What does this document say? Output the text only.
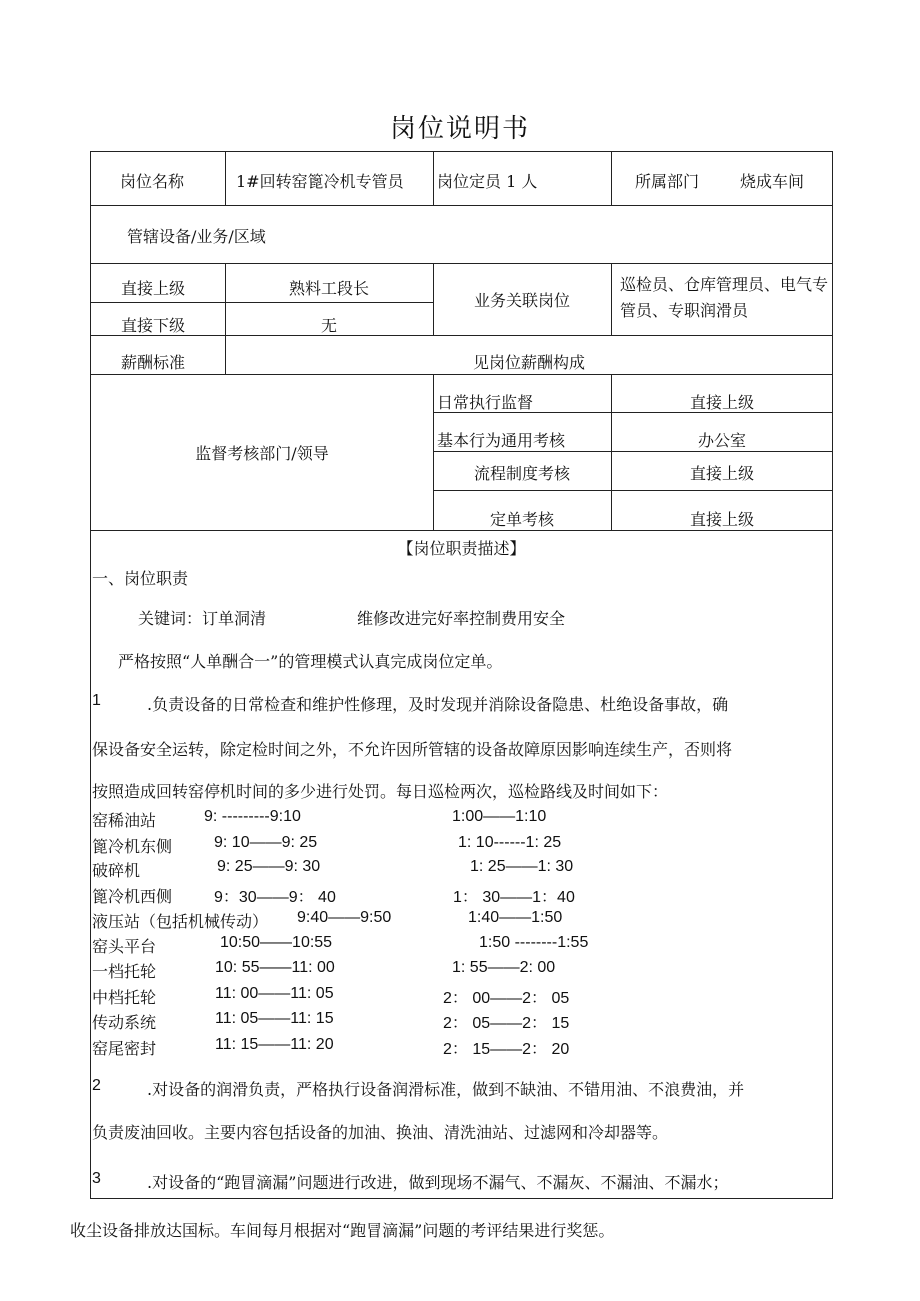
岗位说明书
岗位名称	1#回转窑篦冷机专管员 岗位定员 1 人	所属部门	烧成车间
管辖设备/业务/区域
直接上级	熟料工段长
直接下级	无
业务关联岗位
巡检员、仓库管理员、电气专管员、专职润滑员
薪酬标准	见岗位薪酬构成
监督考核部门/领导
日常执行监督	直接上级
基本行为通用考核	办公室
流程制度考核	直接上级
定单考核	直接上级
【岗位职责描述】
一、岗位职责
关键词：订单洞清	维修改进完好率控制费用安全
严格按照“人单酬合一”的管理模式认真完成岗位定单。
1	.负责设备的日常检查和维护性修理，及时发现并消除设备隐患、杜绝设备事故，确
保设备安全运转，除定检时间之外，不允许因所管辖的设备故障原因影响连续生产，否则将
按照造成回转窑停机时间的多少进行处罚。每日巡检两次，巡检路线及时间如下：
窑稀油站	9: ---------9:10	1:00——1:10
篦冷机东侧	9: 10——9: 25	1: 10------1: 25
破碎机	9: 25——9: 30	1: 25——1: 30
篦冷机西侧	9：30——9： 40	1： 30——1：40
液压站（包括机械传动） 9:40——9:50	1:40——1:50
窑头平台	10:50——10:55	1:50 --------1:55
一档托轮	10: 55——11: 00	1: 55——2: 00
中档托轮	11: 00——11: 05	2： 00——2： 05
传动系统	11: 05——11: 15	2： 05——2： 15
窑尾密封	11: 15——11: 20	2： 15——2： 20
2	.对设备的润滑负责，严格执行设备润滑标准，做到不缺油、不错用油、不浪费油，并
负责废油回收。主要内容包括设备的加油、换油、清洗油站、过滤网和冷却器等。
3	.对设备的“跑冒滴漏”问题进行改进，做到现场不漏气、不漏灰、不漏油、不漏水；
收尘设备排放达国标。车间每月根据对“跑冒滴漏”问题的考评结果进行奖惩。
